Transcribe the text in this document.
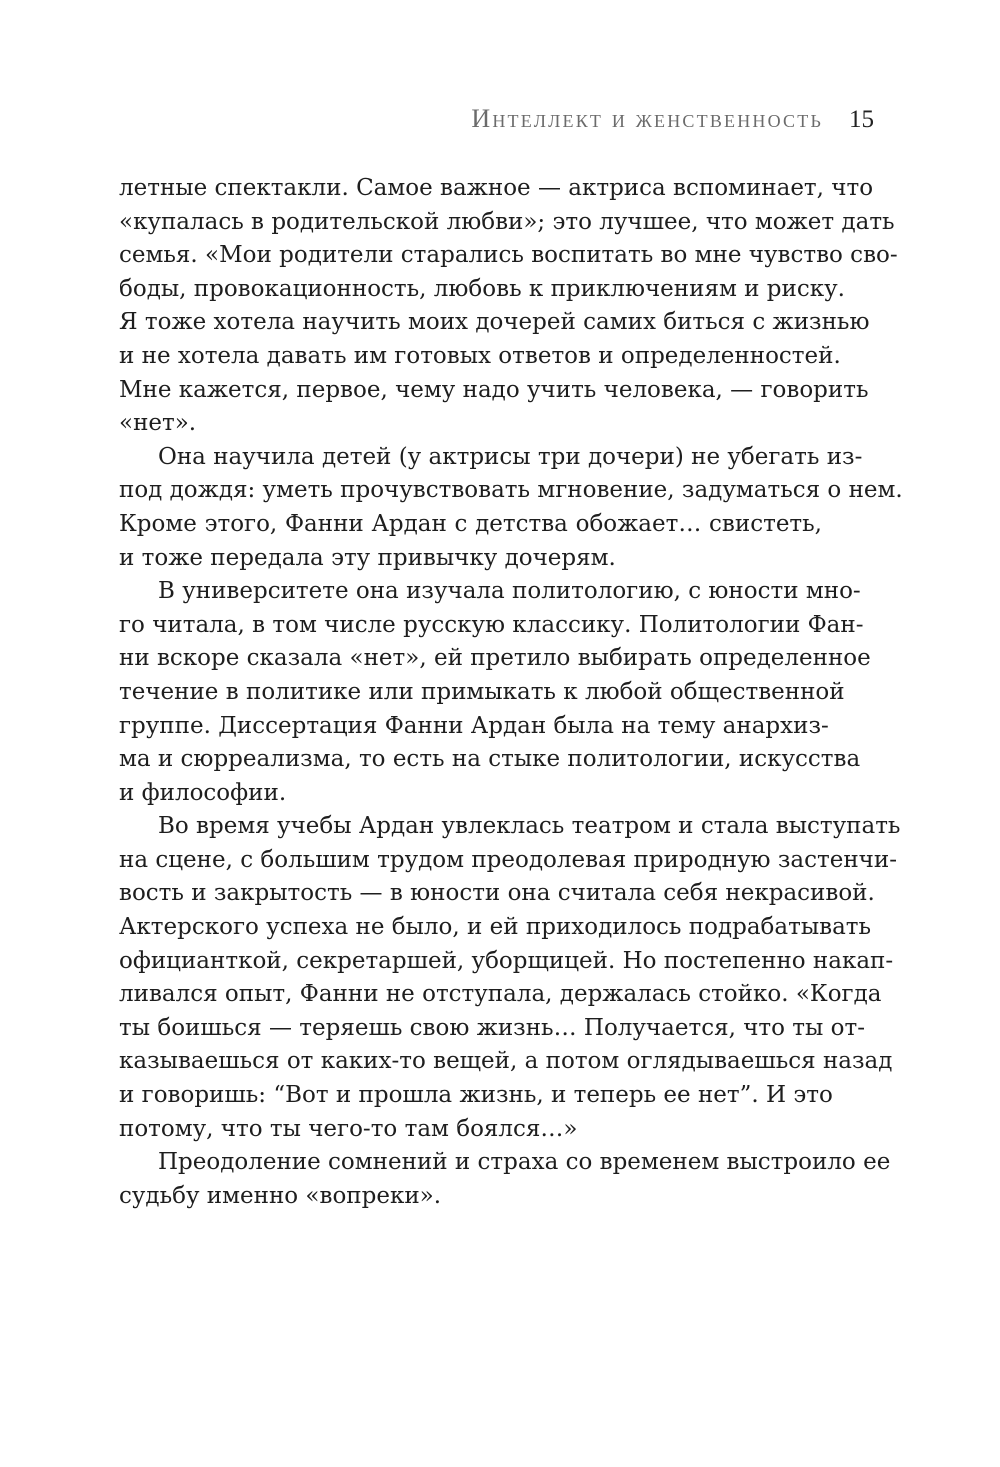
Интеллект и женственность 15
летные спектакли. Самое важное — актриса вспоминает, что
«купалась в родительской любви»; это лучшее, что может дать
семья. «Мои родители старались воспитать во мне чувство сво-
боды, провокационность, любовь к приключениям и риску.
Я тоже хотела научить моих дочерей самих биться с жизнью
и не хотела давать им готовых ответов и определенностей.
Мне кажется, первое, чему надо учить человека, — говорить
«нет».
Она научила детей (у актрисы три дочери) не убегать из-
под дождя: уметь прочувствовать мгновение, задуматься о нем.
Кроме этого, Фанни Ардан с детства обожает… свистеть,
и тоже передала эту привычку дочерям.
В университете она изучала политологию, с юности мно-
го читала, в том числе русскую классику. Политологии Фан-
ни вскоре сказала «нет», ей претило выбирать определенное
течение в политике или примыкать к любой общественной
группе. Диссертация Фанни Ардан была на тему анархиз-
ма и сюрреализма, то есть на стыке политологии, искусства
и философии.
Во время учебы Ардан увлеклась театром и стала выступать
на сцене, с большим трудом преодолевая природную застенчи-
вость и закрытость — в юности она считала себя некрасивой.
Актерского успеха не было, и ей приходилось подрабатывать
официанткой, секретаршей, уборщицей. Но постепенно накап-
ливался опыт, Фанни не отступала, держалась стойко. «Когда
ты боишься — теряешь свою жизнь… Получается, что ты от-
казываешься от каких-то вещей, а потом оглядываешься назад
и говоришь: “Вот и прошла жизнь, и теперь ее нет”. И это
потому, что ты чего-то там боялся…»
Преодоление сомнений и страха со временем выстроило ее
судьбу именно «вопреки».
